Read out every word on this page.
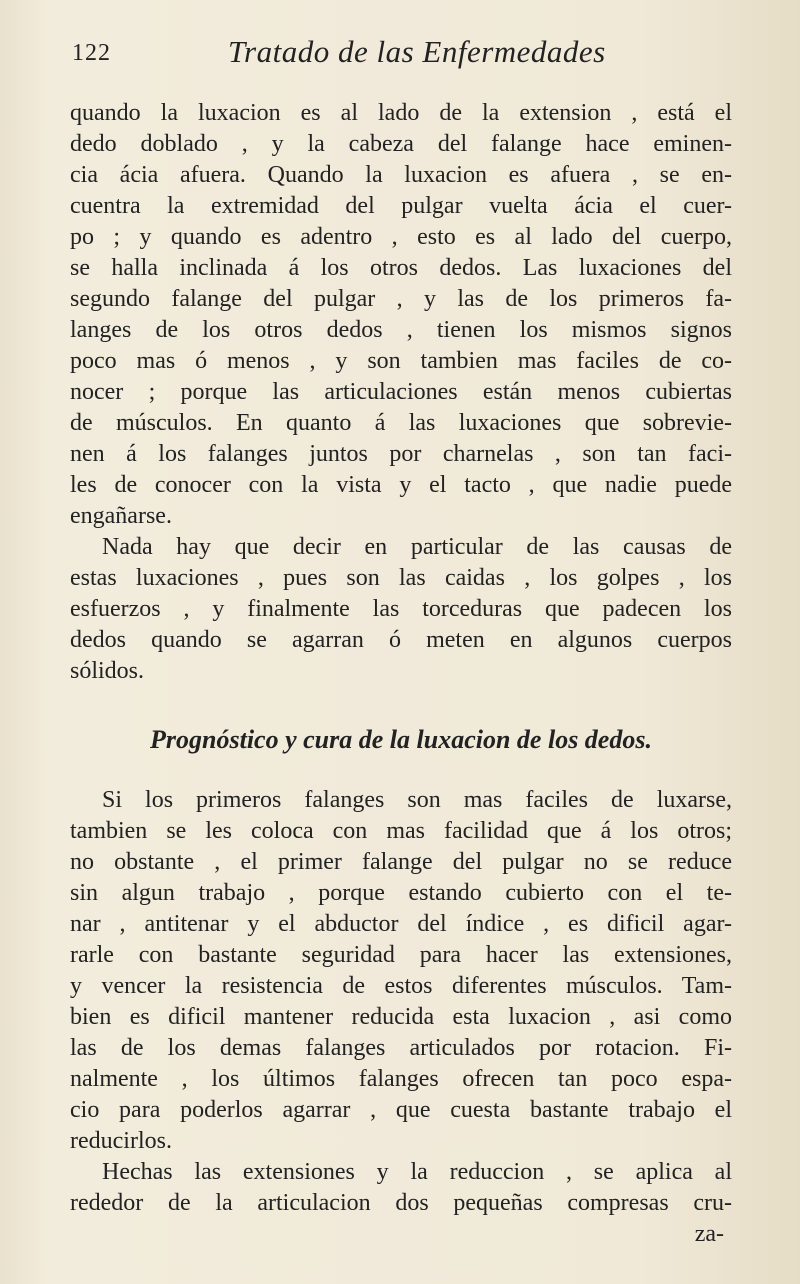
122	Tratado de las Enfermedades
quando la luxacion es al lado de la extension , está el
dedo doblado , y la cabeza del falange hace eminen-
cia ácia afuera. Quando la luxacion es afuera , se en-
cuentra la extremidad del pulgar vuelta ácia el cuer-
po ; y quando es adentro , esto es al lado del cuerpo,
se halla inclinada á los otros dedos. Las luxaciones del
segundo falange del pulgar , y las de los primeros fa-
langes de los otros dedos , tienen los mismos signos
poco mas ó menos , y son tambien mas faciles de co-
nocer ; porque las articulaciones están menos cubiertas
de músculos. En quanto á las luxaciones que sobrevie-
nen á los falanges juntos por charnelas , son tan faci-
les de conocer con la vista y el tacto , que nadie puede
engañarse.
Nada hay que decir en particular de las causas de
estas luxaciones , pues son las caidas , los golpes , los
esfuerzos , y finalmente las torceduras que padecen los
dedos quando se agarran ó meten en algunos cuerpos
sólidos.
Prognóstico y cura de la luxacion de los dedos.
Si los primeros falanges son mas faciles de luxarse,
tambien se les coloca con mas facilidad que á los otros;
no obstante , el primer falange del pulgar no se reduce
sin algun trabajo , porque estando cubierto con el te-
nar , antitenar y el abductor del índice , es dificil agar-
rarle con bastante seguridad para hacer las extensiones,
y vencer la resistencia de estos diferentes músculos. Tam-
bien es dificil mantener reducida esta luxacion , asi como
las de los demas falanges articulados por rotacion. Fi-
nalmente , los últimos falanges ofrecen tan poco espa-
cio para poderlos agarrar , que cuesta bastante trabajo el
reducirlos.
Hechas las extensiones y la reduccion , se aplica al
rededor de la articulacion dos pequeñas compresas cru-
za-
